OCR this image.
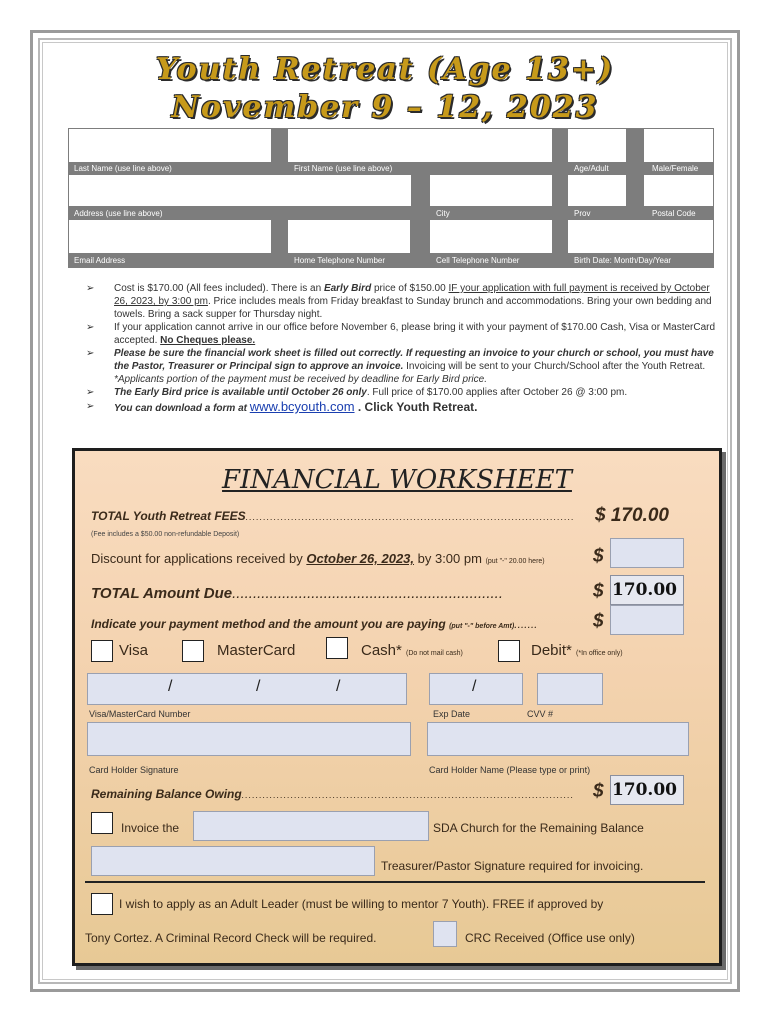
Youth Retreat (Age 13+)
November 9 – 12, 2023
Last Name (use line above)	First Name (use line above)	Age/Adult	Male/Female
Address (use line above)	City	Prov	Postal Code
Email Address	Home Telephone Number	Cell Telephone Number	Birth Date: Month/Day/Year
➢ Cost is $170.00 (All fees included). There is an Early Bird price of $150.00 IF your application with full payment is received by October 26, 2023, by 3:00 pm. Price includes meals from Friday breakfast to Sunday brunch and accommodations. Bring your own bedding and towels. Bring a sack supper for Thursday night.
➢ If your application cannot arrive in our office before November 6, please bring it with your payment of $170.00 Cash, Visa or MasterCard accepted. No Cheques please.
➢ Please be sure the financial work sheet is filled out correctly. If requesting an invoice to your church or school, you must have the Pastor, Treasurer or Principal sign to approve an invoice. Invoicing will be sent to your Church/School after the Youth Retreat. *Applicants portion of the payment must be received by deadline for Early Bird price.
➢ The Early Bird price is available until October 26 only. Full price of $170.00 applies after October 26 @ 3:00 pm.
➢ You can download a form at www.bcyouth.com . Click Youth Retreat.
FINANCIAL WORKSHEET
TOTAL Youth Retreat FEES.............................................................................................. $ 170.00
(Fee includes a $50.00 non-refundable Deposit)
Discount for applications received by October 26, 2023, by 3:00 pm (put "-" 20.00 here)	$
TOTAL Amount Due.................................................................	$ 170.00
Indicate your payment method and the amount you are paying (put "-" before Amt).......	$
Visa	MasterCard	Cash* (Do not mail cash)	Debit* (*In office only)
/	/	/	/
Visa/MasterCard Number	Exp Date	CVV #
Card Holder Signature	Card Holder Name (Please type or print)
Remaining Balance Owing............................................................................................... $ 170.00
Invoice the	SDA Church for the Remaining Balance
Treasurer/Pastor Signature required for invoicing.
I wish to apply as an Adult Leader (must be willing to mentor 7 Youth). FREE if approved by
Tony Cortez. A Criminal Record Check will be required.	CRC Received (Office use only)
